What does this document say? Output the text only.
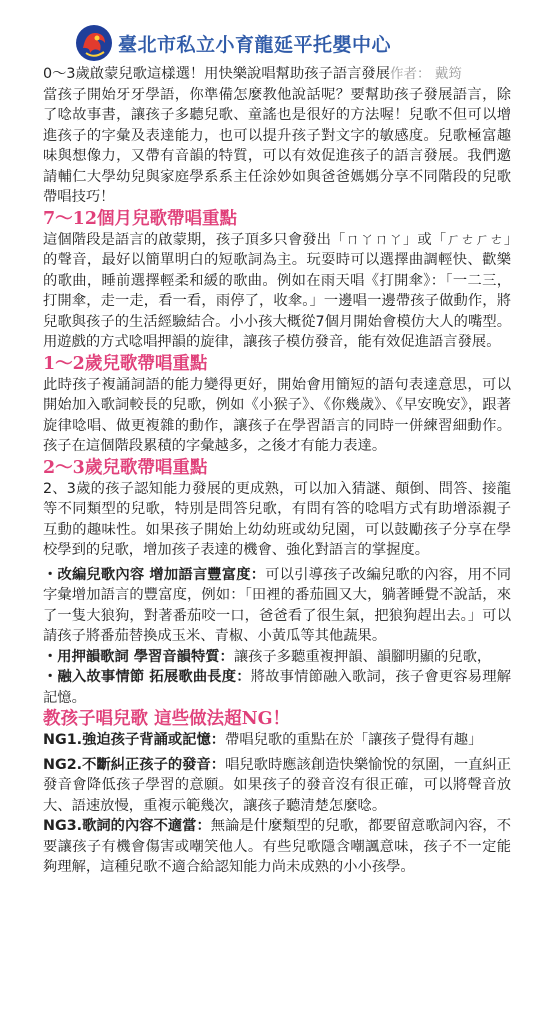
臺北市私立小育龍延平托嬰中心

0～3歲啟蒙兒歌這樣選！用快樂說唱幫助孩子語言發展作者： 戴筠

當孩子開始牙牙學語，你準備怎麼教他說話呢？要幫助孩子發展語言，除了唸故事書，讓孩子多聽兒歌、童謠也是很好的方法喔！兒歌不但可以增進孩子的字彙及表達能力，也可以提升孩子對文字的敏感度。兒歌極富趣味與想像力，又帶有音韻的特質，可以有效促進孩子的語言發展。我們邀請輔仁大學幼兒與家庭學系系主任涂妙如與爸爸媽媽分享不同階段的兒歌帶唱技巧！

7～12個月兒歌帶唱重點

這個階段是語言的啟蒙期，孩子頂多只會發出「ㄇㄚㄇㄚ」或「ㄏㄜㄏㄜ」的聲音，最好以簡單明白的短歌詞為主。玩耍時可以選擇曲調輕快、歡樂的歌曲，睡前選擇輕柔和緩的歌曲。例如在雨天唱《打開傘》：「一二三，打開傘，走一走，看一看，雨停了，收傘。」一邊唱一邊帶孩子做動作，將兒歌與孩子的生活經驗結合。小小孩大概從7個月開始會模仿大人的嘴型。用遊戲的方式唸唱押韻的旋律，讓孩子模仿發音，能有效促進語言發展。

1～2歲兒歌帶唱重點

此時孩子複誦詞語的能力變得更好，開始會用簡短的語句表達意思，可以開始加入歌詞較長的兒歌，例如《小猴子》、《你幾歲》、《早安晚安》，跟著旋律唸唱、做更複雜的動作，讓孩子在學習語言的同時一併練習細動作。孩子在這個階段累積的字彙越多，之後才有能力表達。

2～3歲兒歌帶唱重點

2、3歲的孩子認知能力發展的更成熟，可以加入猜謎、顛倒、問答、接龍等不同類型的兒歌，特別是問答兒歌，有問有答的唸唱方式有助增添親子互動的趣味性。如果孩子開始上幼幼班或幼兒園，可以鼓勵孩子分享在學校學到的兒歌，增加孩子表達的機會、強化對語言的掌握度。

・改編兒歌內容 增加語言豐富度：可以引導孩子改編兒歌的內容，用不同字彙增加語言的豐富度，例如：「田裡的番茄圓又大，躺著睡覺不說話，來了一隻大狼狗，對著番茄咬一口，爸爸看了很生氣，把狼狗趕出去。」可以請孩子將番茄替換成玉米、青椒、小黃瓜等其他蔬果。

・用押韻歌詞 學習音韻特質：讓孩子多聽重複押韻、韻腳明顯的兒歌，

・融入故事情節 拓展歌曲長度：將故事情節融入歌詞，孩子會更容易理解記憶。

教孩子唱兒歌 這些做法超NG！

NG1.強迫孩子背誦或記憶：帶唱兒歌的重點在於「讓孩子覺得有趣」

NG2.不斷糾正孩子的發音：唱兒歌時應該創造快樂愉悅的氛圍，一直糾正發音會降低孩子學習的意願。如果孩子的發音沒有很正確，可以將聲音放大、語速放慢，重複示範幾次，讓孩子聽清楚怎麼唸。

NG3.歌詞的內容不適當：無論是什麼類型的兒歌，都要留意歌詞內容，不要讓孩子有機會傷害或嘲笑他人。有些兒歌隱含嘲諷意味，孩子不一定能夠理解，這種兒歌不適合給認知能力尚未成熟的小小孩學。
